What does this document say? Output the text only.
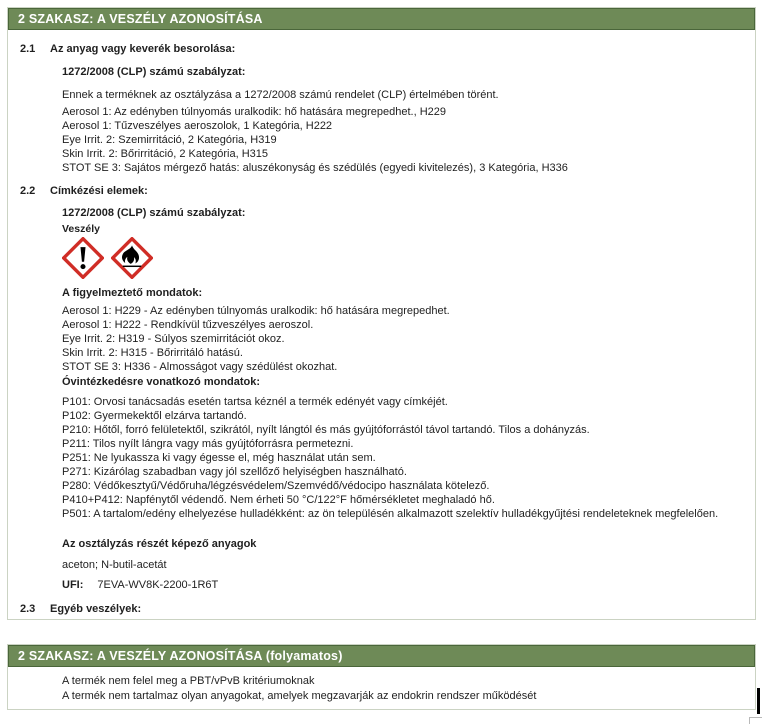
2 SZAKASZ: A VESZÉLY AZONOSÍTÁSA
2.1	Az anyag vagy keverék besorolása:
1272/2008 (CLP) számú szabályzat:
Ennek a terméknek az osztályzása a 1272/2008 számú rendelet (CLP) értelmében törént.
Aerosol 1: Az edényben túlnyomás uralkodik: hő hatására megrepedhet., H229
Aerosol 1: Tűzveszélyes aeroszolok, 1 Kategória, H222
Eye Irrit. 2: Szemirritáció, 2 Kategória, H319
Skin Irrit. 2: Bőrirritáció, 2 Kategória, H315
STOT SE 3: Sajátos mérgező hatás: aluszékonyság és szédülés (egyedi kivitelezés), 3 Kategória, H336
2.2	Címkézési elemek:
1272/2008 (CLP) számú szabályzat:
Veszély
A figyelmeztető mondatok:
Aerosol 1: H229 - Az edényben túlnyomás uralkodik: hő hatására megrepedhet.
Aerosol 1: H222 - Rendkívül tűzveszélyes aeroszol.
Eye Irrit. 2: H319 - Súlyos szemirritációt okoz.
Skin Irrit. 2: H315 - Bőrirritáló hatású.
STOT SE 3: H336 - Almosságot vagy szédülést okozhat.
Óvintézkedésre vonatkozó mondatok:
P101: Orvosi tanácsadás esetén tartsa kéznél a termék edényét vagy címkéjét.
P102: Gyermekektől elzárva tartandó.
P210: Hőtől, forró felületektől, szikrától, nyílt lángtól és más gyújtóforrástól távol tartandó. Tilos a dohányzás.
P211: Tilos nyílt lángra vagy más gyújtóforrásra permetezni.
P251: Ne lyukassza ki vagy égesse el, még használat után sem.
P271: Kizárólag szabadban vagy jól szellőző helyiségben használható.
P280: Védőkesztyű/Védőruha/légzésvédelem/Szemvédő/védocipo használata kötelező.
P410+P412: Napfénytől védendő. Nem érheti 50 °C/122°F hőmérsékletet meghaladó hő.
P501: A tartalom/edény elhelyezése hulladékként: az ön településén alkalmazott szelektív hulladékgyűjtési rendeleteknek megfelelően.
Az osztályzás részét képező anyagok
aceton; N-butil-acetát
UFI: 7EVA-WV8K-2200-1R6T
2.3	Egyéb veszélyek:
2 SZAKASZ: A VESZÉLY AZONOSÍTÁSA (folyamatos)
A termék nem felel meg a PBT/vPvB kritériumoknak
A termék nem tartalmaz olyan anyagokat, amelyek megzavarják az endokrin rendszer működését
